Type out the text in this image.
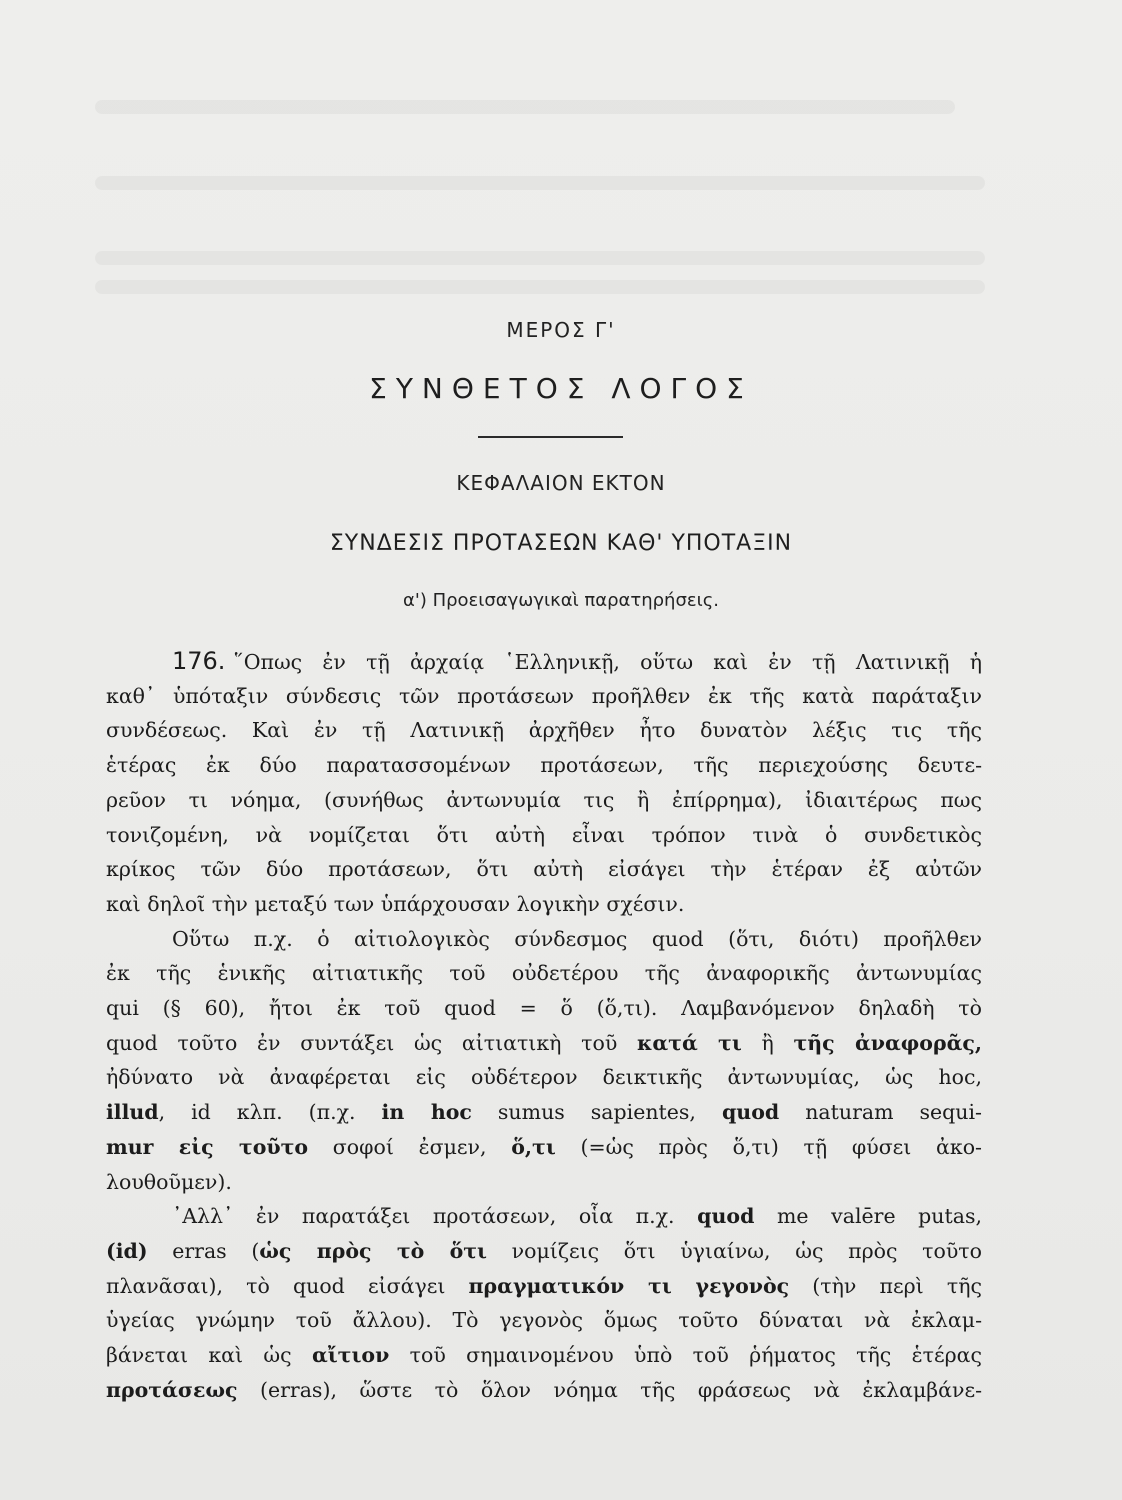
ΜΕΡΟΣ Γ'
ΣΥΝΘΕΤΟΣ ΛΟΓΟΣ
ΚΕΦΑΛΑΙΟΝ ΕΚΤΟΝ
ΣΥΝΔΕΣΙΣ ΠΡΟΤΑΣΕΩΝ ΚΑΘ' ΥΠΟΤΑΞΙΝ
α') Προεισαγωγικαὶ παρατηρήσεις.
176. ῞Οπως ἐν τῇ ἀρχαίᾳ ῾Ελληνικῇ, οὕτω καὶ ἐν τῇ Λατινικῇ ἡ
καθ᾽ ὑπόταξιν σύνδεσις τῶν προτάσεων προῆλθεν ἐκ τῆς κατὰ παράταξιν
συνδέσεως. Καὶ ἐν τῇ Λατινικῇ ἀρχῆθεν ἦτο δυνατὸν λέξις τις τῆς
ἑτέρας ἐκ δύο παρατασσομένων προτάσεων, τῆς περιεχούσης δευτε-
ρεῦον τι νόημα, (συνήθως ἀντωνυμία τις ἢ ἐπίρρημα), ἰδιαιτέρως πως
τονιζομένη, νὰ νομίζεται ὅτι αὐτὴ εἶναι τρόπον τινὰ ὁ συνδετικὸς
κρίκος τῶν δύο προτάσεων, ὅτι αὐτὴ εἰσάγει τὴν ἑτέραν ἐξ αὐτῶν
καὶ δηλοῖ τὴν μεταξύ των ὑπάρχουσαν λογικὴν σχέσιν.
Οὕτω π.χ. ὁ αἰτιολογικὸς σύνδεσμος quod (ὅτι, διότι) προῆλθεν
ἐκ τῆς ἑνικῆς αἰτιατικῆς τοῦ οὐδετέρου τῆς ἀναφορικῆς ἀντωνυμίας
qui (§ 60), ἤτοι ἐκ τοῦ quod = ὅ (ὅ,τι). Λαμβανόμενον δηλαδὴ τὸ
quod τοῦτο ἐν συντάξει ὡς αἰτιατικὴ τοῦ κατά τι ἢ τῆς ἀναφορᾶς,
ἠδύνατο νὰ ἀναφέρεται εἰς οὐδέτερον δεικτικῆς ἀντωνυμίας, ὡς hoc,
illud, id κλπ. (π.χ. in hoc sumus sapientes, quod naturam sequi-
mur εἰς τοῦτο σοφοί ἐσμεν, ὅ,τι (=ὡς πρὸς ὅ,τι) τῇ φύσει ἀκο-
λουθοῦμεν).
᾽Αλλ᾽ ἐν παρατάξει προτάσεων, οἷα π.χ. quod me valēre putas,
(id) erras (ὡς πρὸς τὸ ὅτι νομίζεις ὅτι ὑγιαίνω, ὡς πρὸς τοῦτο
πλανᾶσαι), τὸ quod εἰσάγει πραγματικόν τι γεγονὸς (τὴν περὶ τῆς
ὑγείας γνώμην τοῦ ἄλλου). Τὸ γεγονὸς ὅμως τοῦτο δύναται νὰ ἐκλαμ-
βάνεται καὶ ὡς αἴτιον τοῦ σημαινομένου ὑπὸ τοῦ ῥήματος τῆς ἑτέρας
προτάσεως (erras), ὥστε τὸ ὅλον νόημα τῆς φράσεως νὰ ἐκλαμβάνε-
